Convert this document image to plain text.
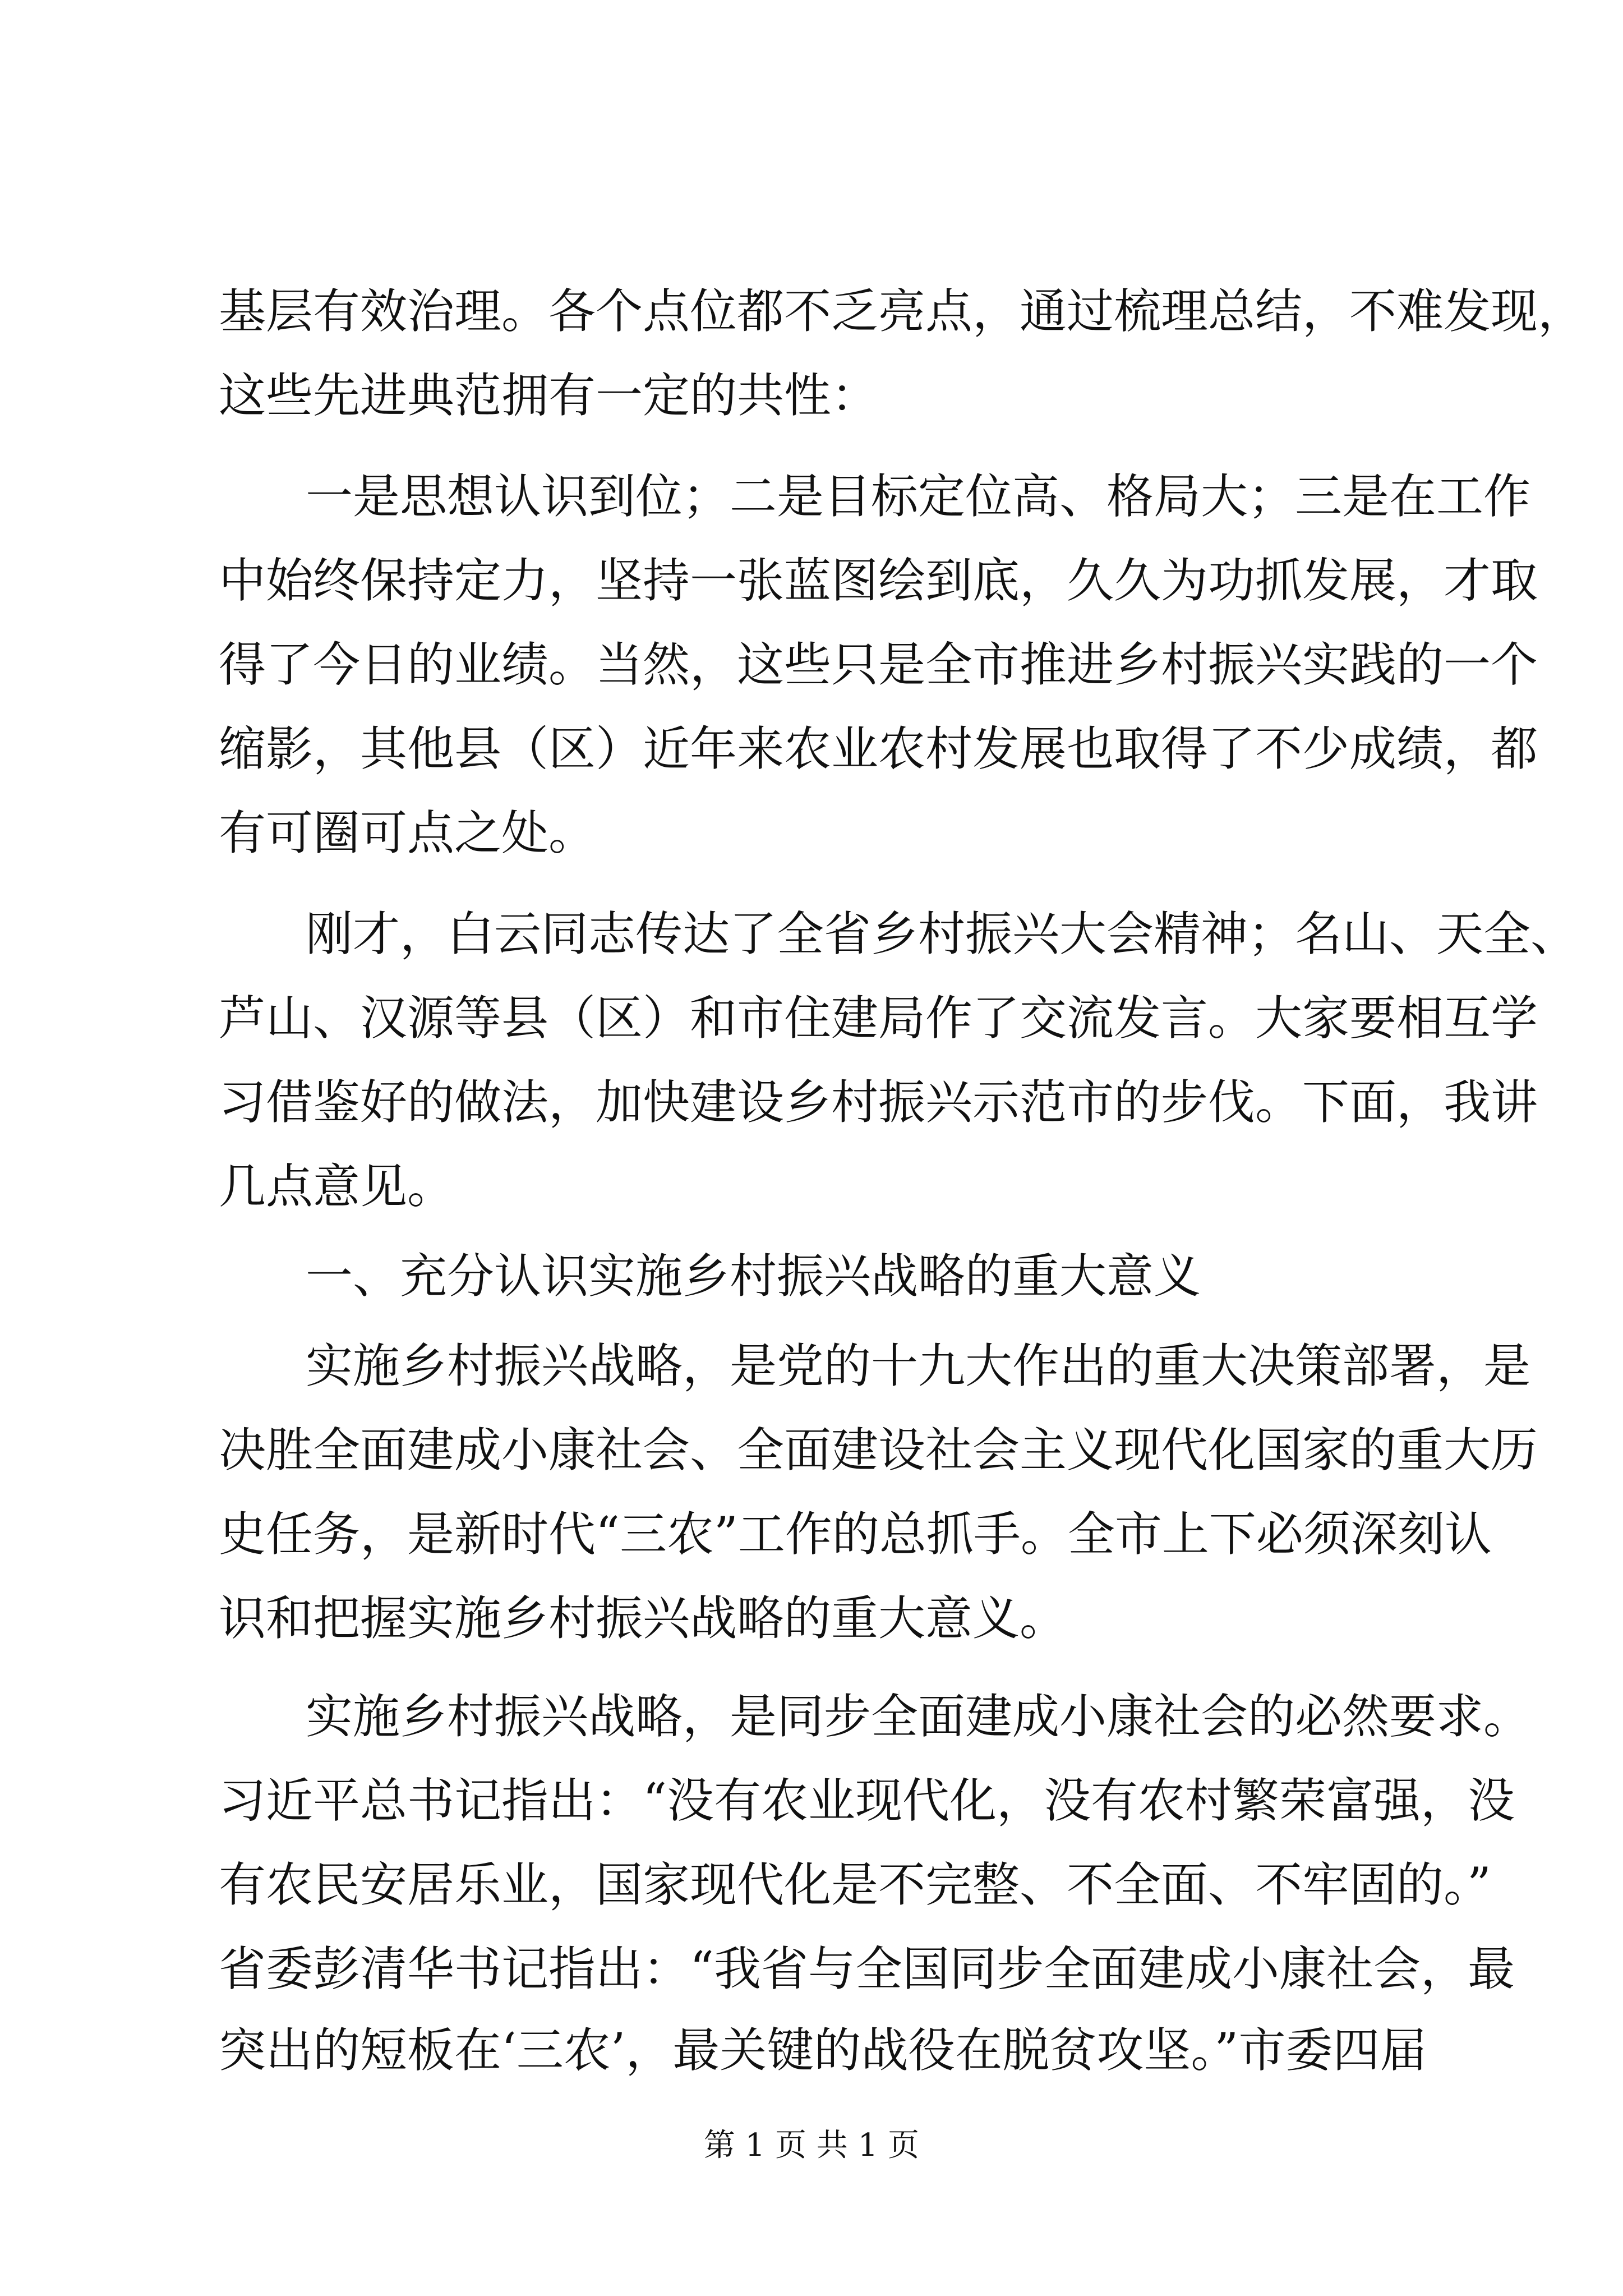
基层有效治理。各个点位都不乏亮点，通过梳理总结，不难发现，
这些先进典范拥有一定的共性：
一是思想认识到位；二是目标定位高、格局大；三是在工作
中始终保持定力，坚持一张蓝图绘到底，久久为功抓发展，才取
得了今日的业绩。当然，这些只是全市推进乡村振兴实践的一个
缩影，其他县（区）近年来农业农村发展也取得了不少成绩，都
有可圈可点之处。
刚才，白云同志传达了全省乡村振兴大会精神；名山、天全、
芦山、汉源等县（区）和市住建局作了交流发言。大家要相互学
习借鉴好的做法，加快建设乡村振兴示范市的步伐。下面，我讲
几点意见。
一、充分认识实施乡村振兴战略的重大意义
实施乡村振兴战略，是党的十九大作出的重大决策部署，是
决胜全面建成小康社会、全面建设社会主义现代化国家的重大历
史任务，是新时代“三农”工作的总抓手。全市上下必须深刻认
识和把握实施乡村振兴战略的重大意义。
实施乡村振兴战略，是同步全面建成小康社会的必然要求。
习近平总书记指出：“没有农业现代化，没有农村繁荣富强，没
有农民安居乐业，国家现代化是不完整、不全面、不牢固的。”
省委彭清华书记指出：“我省与全国同步全面建成小康社会，最
突出的短板在‘三农’，最关键的战役在脱贫攻坚。”市委四届
第 1 页 共 1 页
